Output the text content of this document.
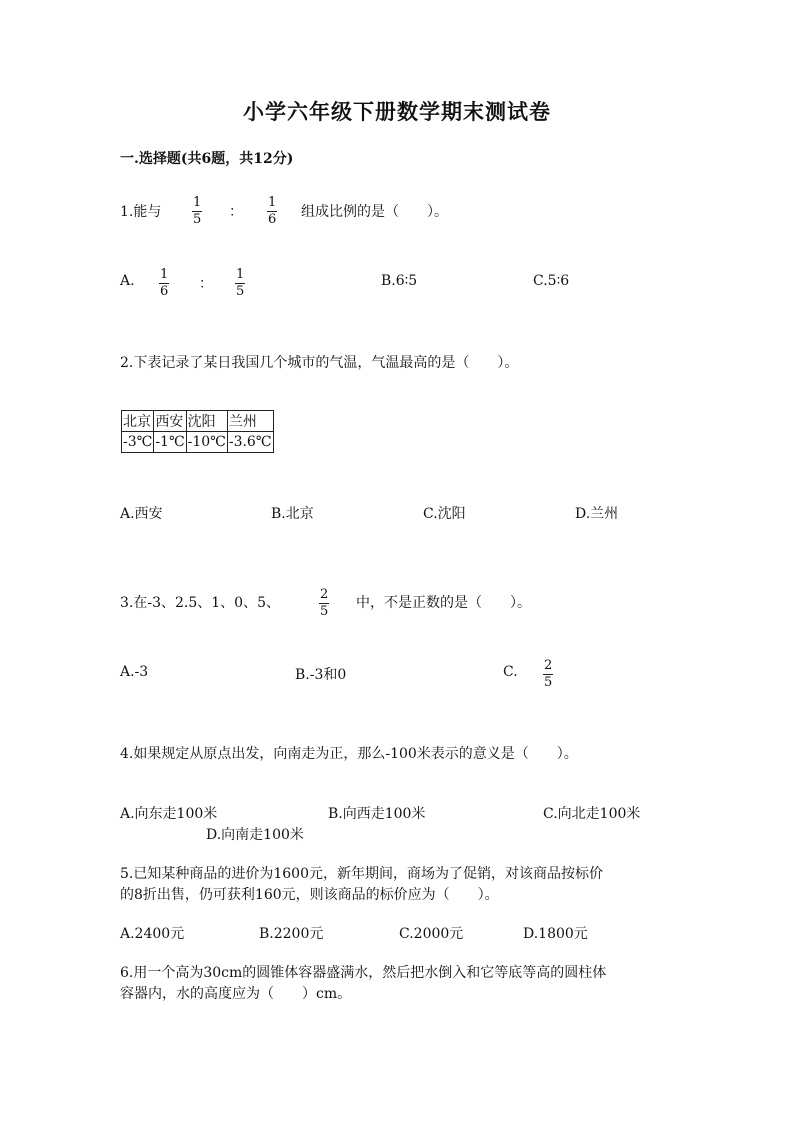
小学六年级下册数学期末测试卷
一.选择题(共6题，共12分)
1.能与 $\frac{1}{5}$ ： $\frac{1}{6}$ 组成比例的是（　　）。
A. $\frac{1}{6}$ ： $\frac{1}{5}$	B.6∶5	C.5∶6
2.下表记录了某日我国几个城市的气温，气温最高的是（　　）。
北京	西安	沈阳	兰州
-3℃	-1℃	-10℃	-3.6℃
A.西安	B.北京	C.沈阳	D.兰州
3.在-3、2.5、1、0、5、	$\frac{2}{5}$ 中，不是正数的是（　　）。
A.-3	B.-3和0	C. $\frac{2}{5}$
4.如果规定从原点出发，向南走为正，那么-100米表示的意义是（　　）。
A.向东走100米	B.向西走100米	C.向北走100米
D.向南走100米
5.已知某种商品的进价为1600元，新年期间，商场为了促销，对该商品按标价
的8折出售，仍可获利160元，则该商品的标价应为（　　）。
A.2400元	B.2200元	C.2000元	D.1800元
6.用一个高为30cm的圆锥体容器盛满水，然后把水倒入和它等底等高的圆柱体
容器内，水的高度应为（　　）cm。
